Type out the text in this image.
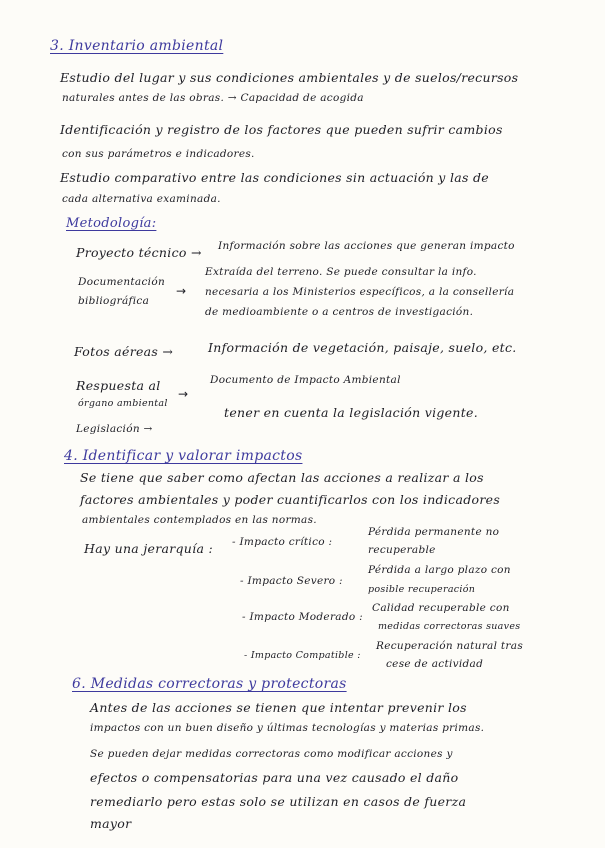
3. Inventario ambiental
Estudio del lugar y sus condiciones ambientales y de suelos/recursos
naturales antes de las obras. → Capacidad de acogida
Identificación y registro de los factores que pueden sufrir cambios
con sus parámetros e indicadores.
Estudio comparativo entre las condiciones sin actuación y las de
cada alternativa examinada.
Metodología:
Proyecto técnico → Información sobre las acciones que generan impacto
Documentación
bibliográfica
→
Extraída del terreno. Se puede consultar la info.
necesaria a los Ministerios específicos, a la consellería
de medioambiente o a centros de investigación.
Fotos aéreas →	Información de vegetación, paisaje, suelo, etc.
Respuesta al
órgano ambiental
→
Documento de Impacto Ambiental
Legislación →
tener en cuenta la legislación vigente.
4. Identificar y valorar impactos
Se tiene que saber como afectan las acciones a realizar a los
factores ambientales y poder cuantificarlos con los indicadores
ambientales contemplados en las normas.
Hay una jerarquía : - Impacto crítico :
Pérdida permanente no
recuperable
- Impacto Severo :
Pérdida a largo plazo con
posible recuperación
- Impacto Moderado :
Calidad recuperable con
medidas correctoras suaves
- Impacto Compatible :
Recuperación natural tras
cese de actividad
6. Medidas correctoras y protectoras
Antes de las acciones se tienen que intentar prevenir los
impactos con un buen diseño y últimas tecnologías y materias primas.
Se pueden dejar medidas correctoras como modificar acciones y
efectos o compensatorias para una vez causado el daño
remediarlo pero estas solo se utilizan en casos de fuerza
mayor
